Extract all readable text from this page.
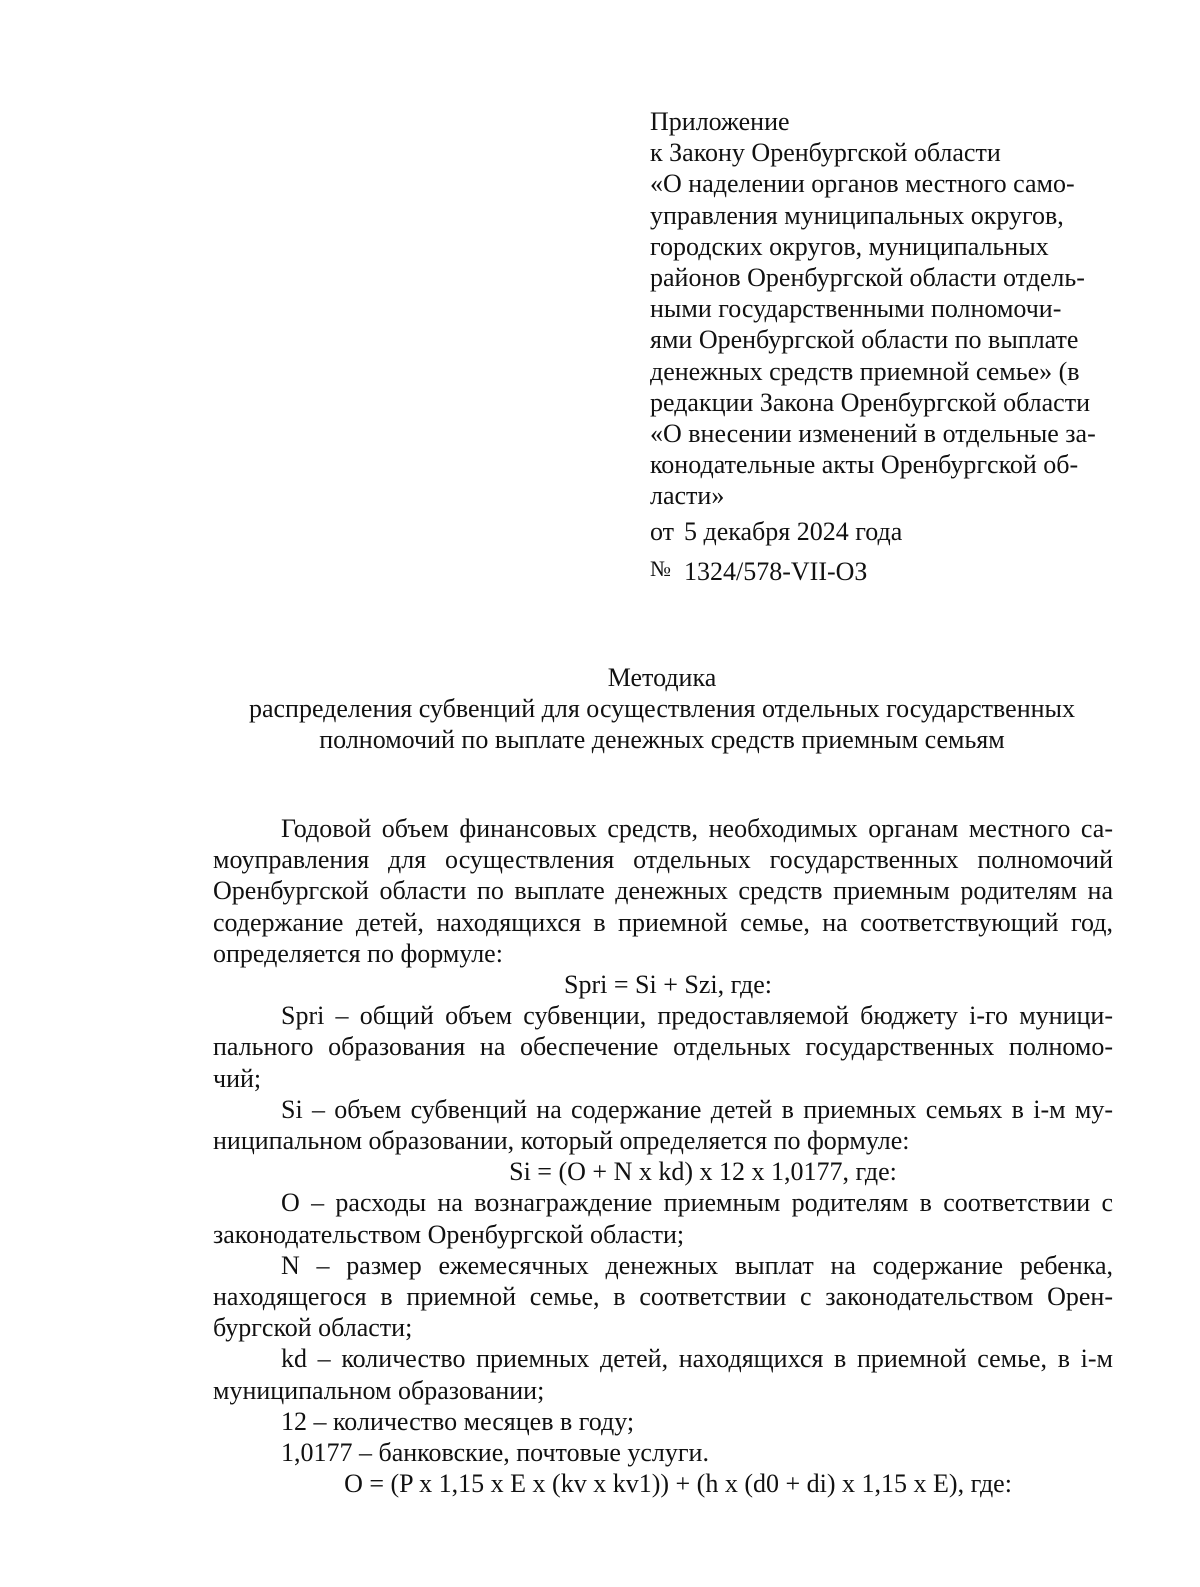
Приложение
к Закону Оренбургской области
«О наделении органов местного само-
управления муниципальных округов,
городских округов, муниципальных
районов Оренбургской области отдель-
ными государственными полномочи-
ями Оренбургской области по выплате
денежных средств приемной семье» (в
редакции Закона Оренбургской области
«О внесении изменений в отдельные за-
конодательные акты Оренбургской об-
ласти»
от 5 декабря 2024 года
№ 1324/578-VII-ОЗ
Методика
распределения субвенций для осуществления отдельных государственных
полномочий по выплате денежных средств приемным семьям
Годовой объем финансовых средств, необходимых органам местного са-
моуправления для осуществления отдельных государственных полномочий
Оренбургской области по выплате денежных средств приемным родителям на
содержание детей, находящихся в приемной семье, на соответствующий год,
определяется по формуле:
Spri = Si + Szi, где:
Spri – общий объем субвенции, предоставляемой бюджету i-го муници-
пального образования на обеспечение отдельных государственных полномо-
чий;
Si – объем субвенций на содержание детей в приемных семьях в i-м му-
ниципальном образовании, который определяется по формуле:
Si = (O + N x kd) x 12 x 1,0177, где:
O – расходы на вознаграждение приемным родителям в соответствии с
законодательством Оренбургской области;
N – размер ежемесячных денежных выплат на содержание ребенка,
находящегося в приемной семье, в соответствии с законодательством Орен-
бургской области;
kd – количество приемных детей, находящихся в приемной семье, в i-м
муниципальном образовании;
12 – количество месяцев в году;
1,0177 – банковские, почтовые услуги.
O = (P x 1,15 x E x (kv x kv1)) + (h x (d0 + di) x 1,15 x E), где:
